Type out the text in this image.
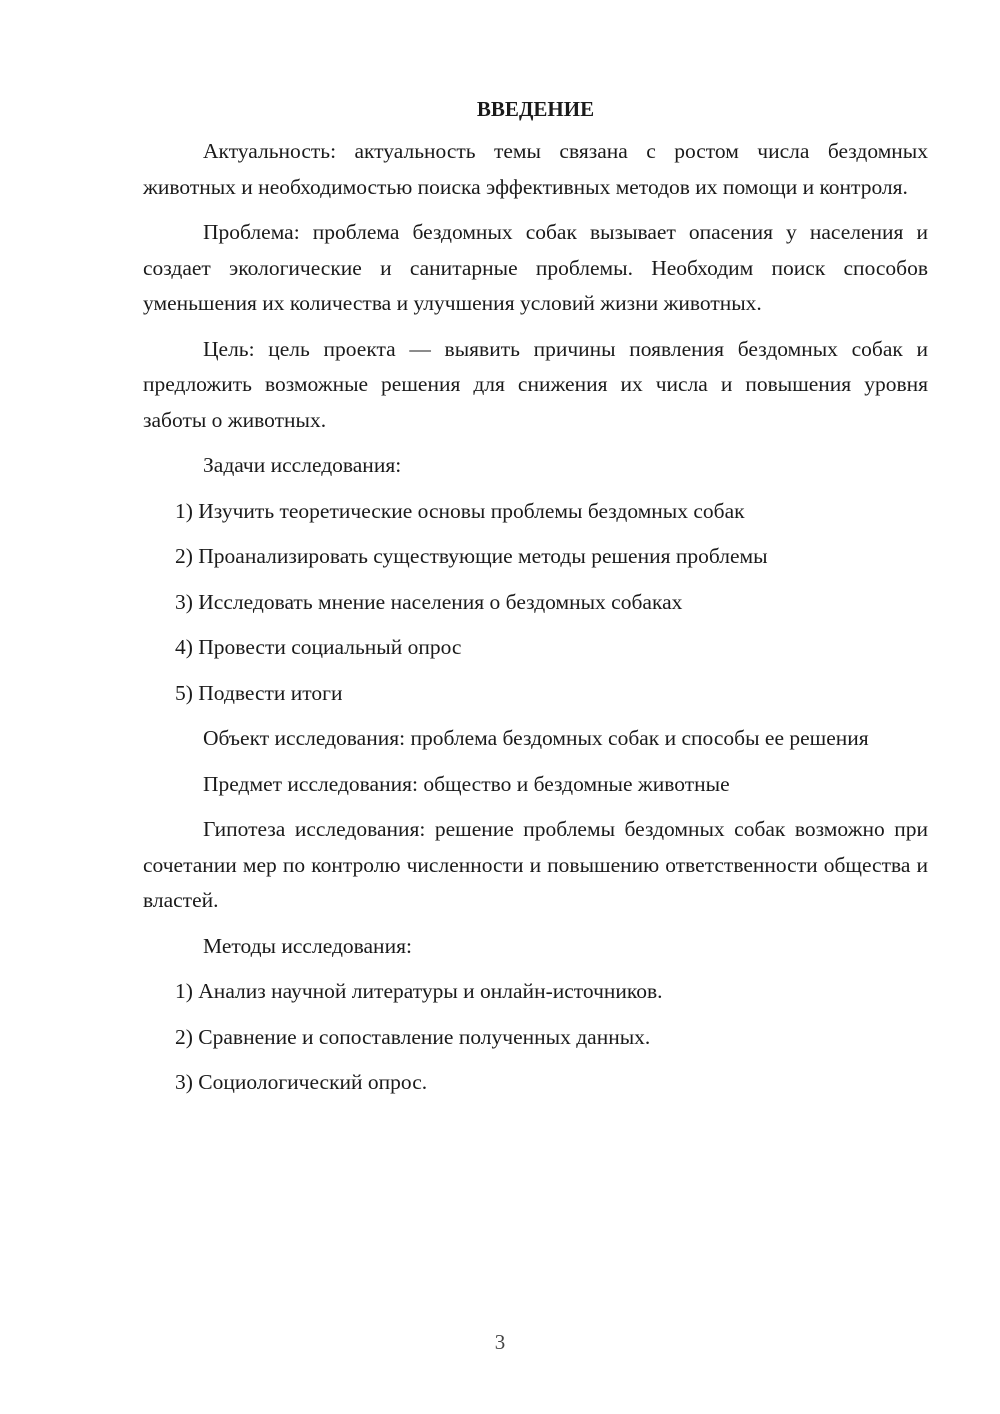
ВВЕДЕНИЕ

Актуальность: актуальность темы связана с ростом числа бездомных животных и необходимостью поиска эффективных методов их помощи и контроля.

Проблема: проблема бездомных собак вызывает опасения у населения и создает экологические и санитарные проблемы. Необходим поиск способов уменьшения их количества и улучшения условий жизни животных.

Цель: цель проекта — выявить причины появления бездомных собак и предложить возможные решения для снижения их числа и повышения уровня заботы о животных.

Задачи исследования:

1) Изучить теоретические основы проблемы бездомных собак
2) Проанализировать существующие методы решения проблемы
3) Исследовать мнение населения о бездомных собаках
4) Провести социальный опрос
5) Подвести итоги

Объект исследования: проблема бездомных собак и способы ее решения

Предмет исследования: общество и бездомные животные

Гипотеза исследования: решение проблемы бездомных собак возможно при сочетании мер по контролю численности и повышению ответственности общества и властей.

Методы исследования:

1) Анализ научной литературы и онлайн-источников.
2) Сравнение и сопоставление полученных данных.
3) Социологический опрос.
3
